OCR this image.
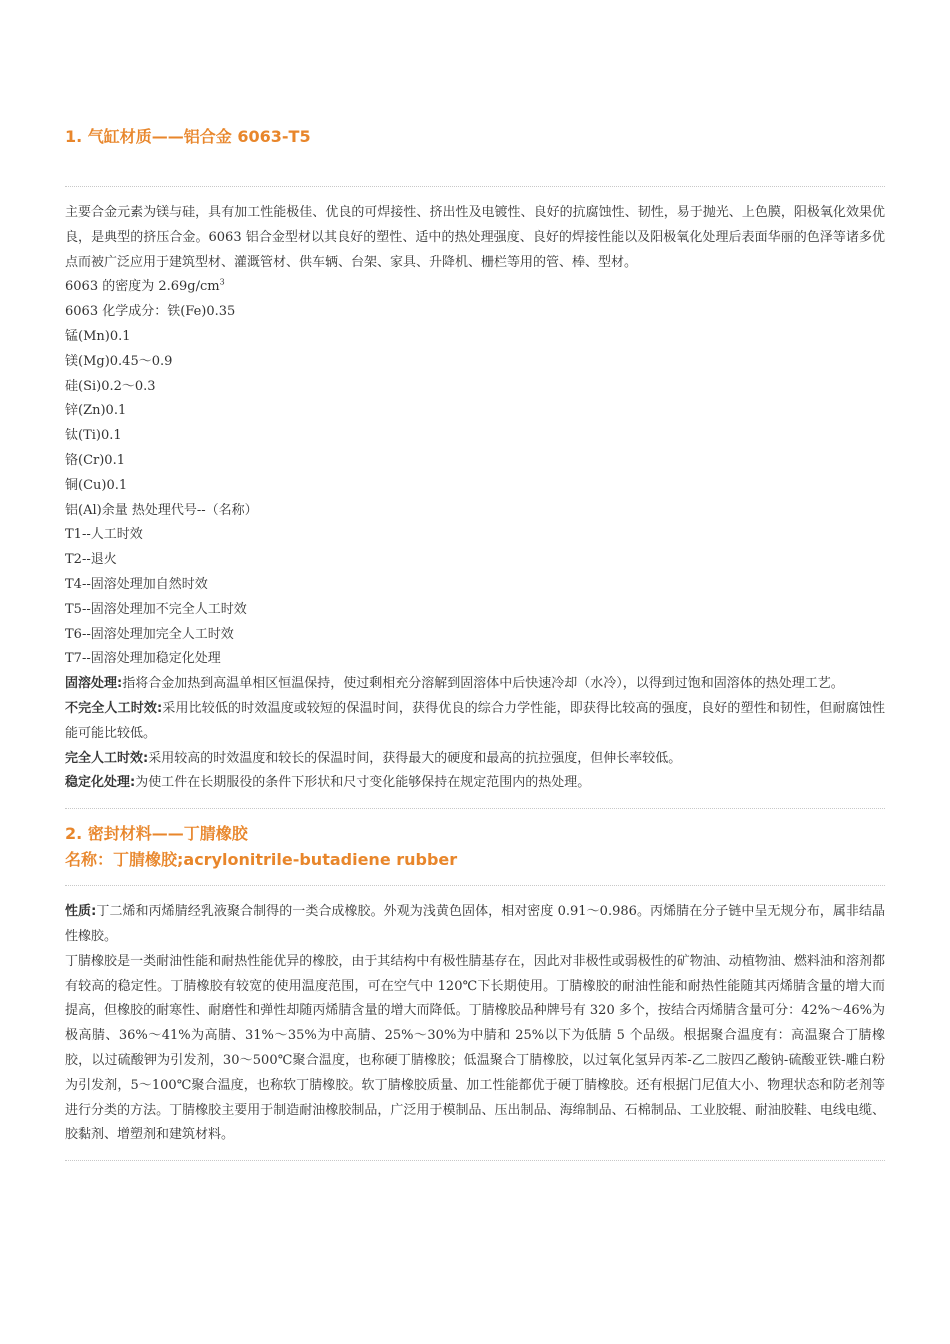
1. 气缸材质——铝合金 6063-T5

主要合金元素为镁与硅，具有加工性能极佳、优良的可焊接性、挤出性及电镀性、良好的抗腐蚀性、韧性，易于抛光、上色膜，阳极氧化效果优良，是典型的挤压合金。6063 铝合金型材以其良好的塑性、适中的热处理强度、良好的焊接性能以及阳极氧化处理后表面华丽的色泽等诸多优点而被广泛应用于建筑型材、灌溉管材、供车辆、台架、家具、升降机、栅栏等用的管、棒、型材。

6063 的密度为 $2.69g/cm^3$

6063 化学成分：铁(Fe)0.35

锰(Mn)0.1

镁(Mg)0.45～0.9

硅(Si)0.2～0.3

锌(Zn)0.1

钛(Ti)0.1

铬(Cr)0.1

铜(Cu)0.1

铝(Al)余量 热处理代号--（名称）

T1--人工时效

T2--退火

T4--固溶处理加自然时效

T5--固溶处理加不完全人工时效

T6--固溶处理加完全人工时效

T7--固溶处理加稳定化处理

固溶处理:指将合金加热到高温单相区恒温保持，使过剩相充分溶解到固溶体中后快速冷却（水冷），以得到过饱和固溶体的热处理工艺。

不完全人工时效:采用比较低的时效温度或较短的保温时间，获得优良的综合力学性能，即获得比较高的强度，良好的塑性和韧性，但耐腐蚀性能可能比较低。

完全人工时效:采用较高的时效温度和较长的保温时间，获得最大的硬度和最高的抗拉强度，但伸长率较低。

稳定化处理:为使工件在长期服役的条件下形状和尺寸变化能够保持在规定范围内的热处理。

2. 密封材料——丁腈橡胶
名称：丁腈橡胶;acrylonitrile-butadiene rubber

性质:丁二烯和丙烯腈经乳液聚合制得的一类合成橡胶。外观为浅黄色固体，相对密度 0.91～0.986。丙烯腈在分子链中呈无规分布，属非结晶性橡胶。

丁腈橡胶是一类耐油性能和耐热性能优异的橡胶，由于其结构中有极性腈基存在，因此对非极性或弱极性的矿物油、动植物油、燃料油和溶剂都有较高的稳定性。丁腈橡胶有较宽的使用温度范围，可在空气中 120℃下长期使用。丁腈橡胶的耐油性能和耐热性能随其丙烯腈含量的增大而提高，但橡胶的耐寒性、耐磨性和弹性却随丙烯腈含量的增大而降低。丁腈橡胶品种牌号有 320 多个，按结合丙烯腈含量可分：42%～46%为极高腈、36%～41%为高腈、31%～35%为中高腈、25%～30%为中腈和 25%以下为低腈 5 个品级。根据聚合温度有：高温聚合丁腈橡胶，以过硫酸钾为引发剂，30～500℃聚合温度，也称硬丁腈橡胶；低温聚合丁腈橡胶，以过氧化氢异丙苯-乙二胺四乙酸钠-硫酸亚铁-雕白粉为引发剂，5～100℃聚合温度，也称软丁腈橡胶。软丁腈橡胶质量、加工性能都优于硬丁腈橡胶。还有根据门尼值大小、物理状态和防老剂等进行分类的方法。丁腈橡胶主要用于制造耐油橡胶制品，广泛用于模制品、压出制品、海绵制品、石棉制品、工业胶辊、耐油胶鞋、电线电缆、胶黏剂、增塑剂和建筑材料。
